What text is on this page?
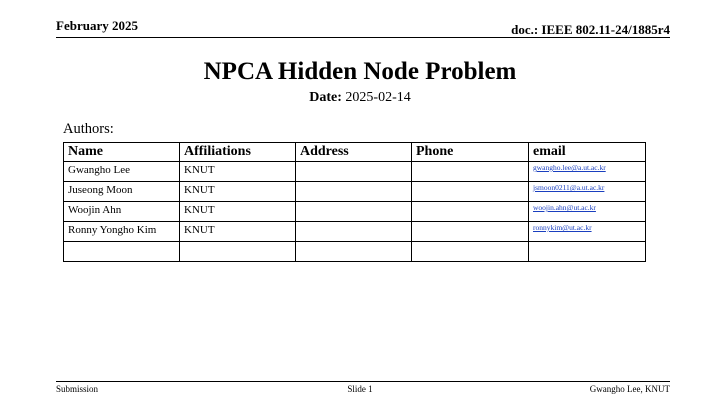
February 2025	doc.: IEEE 802.11-24/1885r4
NPCA Hidden Node Problem
Date: 2025-02-14
Authors:
Name	Affiliations	Address	Phone	email
Gwangho Lee	KNUT			gwangho.lee@a.ut.ac.kr
Juseong Moon	KNUT			jsmoon0211@a.ut.ac.kr
Woojin Ahn	KNUT			woojin.ahn@ut.ac.kr
Ronny Yongho Kim	KNUT			ronnykim@ut.ac.kr

Submission	Slide 1	Gwangho Lee, KNUT
